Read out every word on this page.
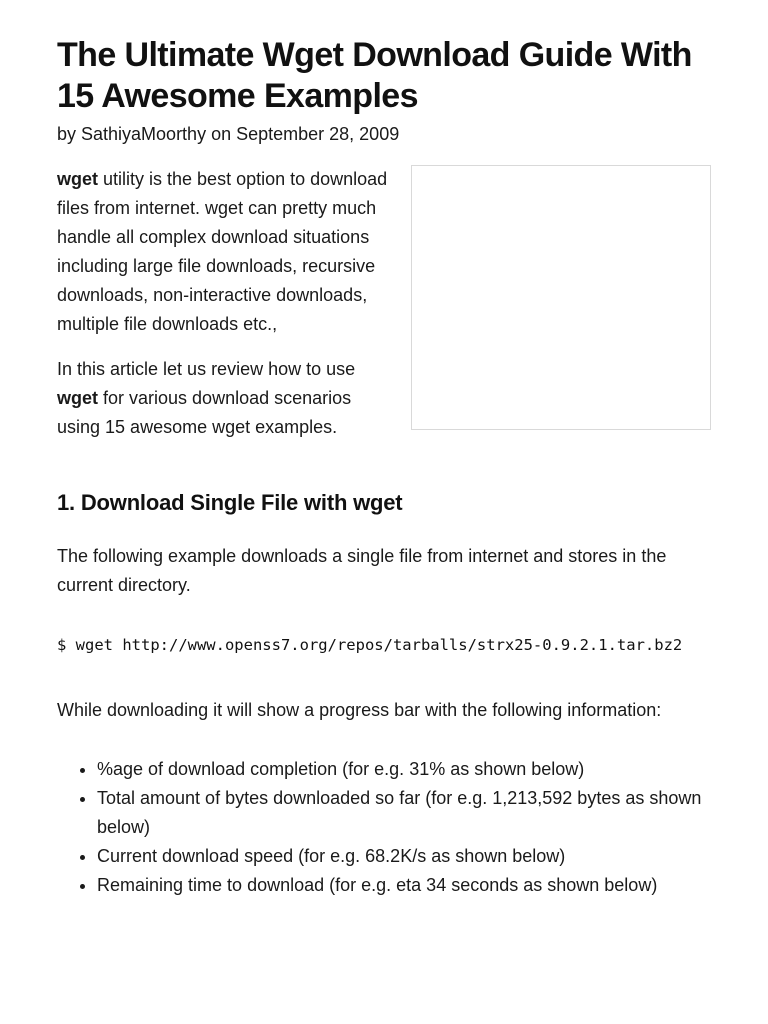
The Ultimate Wget Download Guide With 15 Awesome Examples
by SathiyaMoorthy on September 28, 2009

wget utility is the best option to download files from internet. wget can pretty much handle all complex download situations including large file downloads, recursive downloads, non-interactive downloads, multiple file downloads etc.,

In this article let us review how to use wget for various download scenarios using 15 awesome wget examples.

1. Download Single File with wget

The following example downloads a single file from internet and stores in the current directory.

$ wget http://www.openss7.org/repos/tarballs/strx25-0.9.2.1.tar.bz2

While downloading it will show a progress bar with the following information:

• %age of download completion (for e.g. 31% as shown below)
• Total amount of bytes downloaded so far (for e.g. 1,213,592 bytes as shown below)
• Current download speed (for e.g. 68.2K/s as shown below)
• Remaining time to download (for e.g. eta 34 seconds as shown below)
